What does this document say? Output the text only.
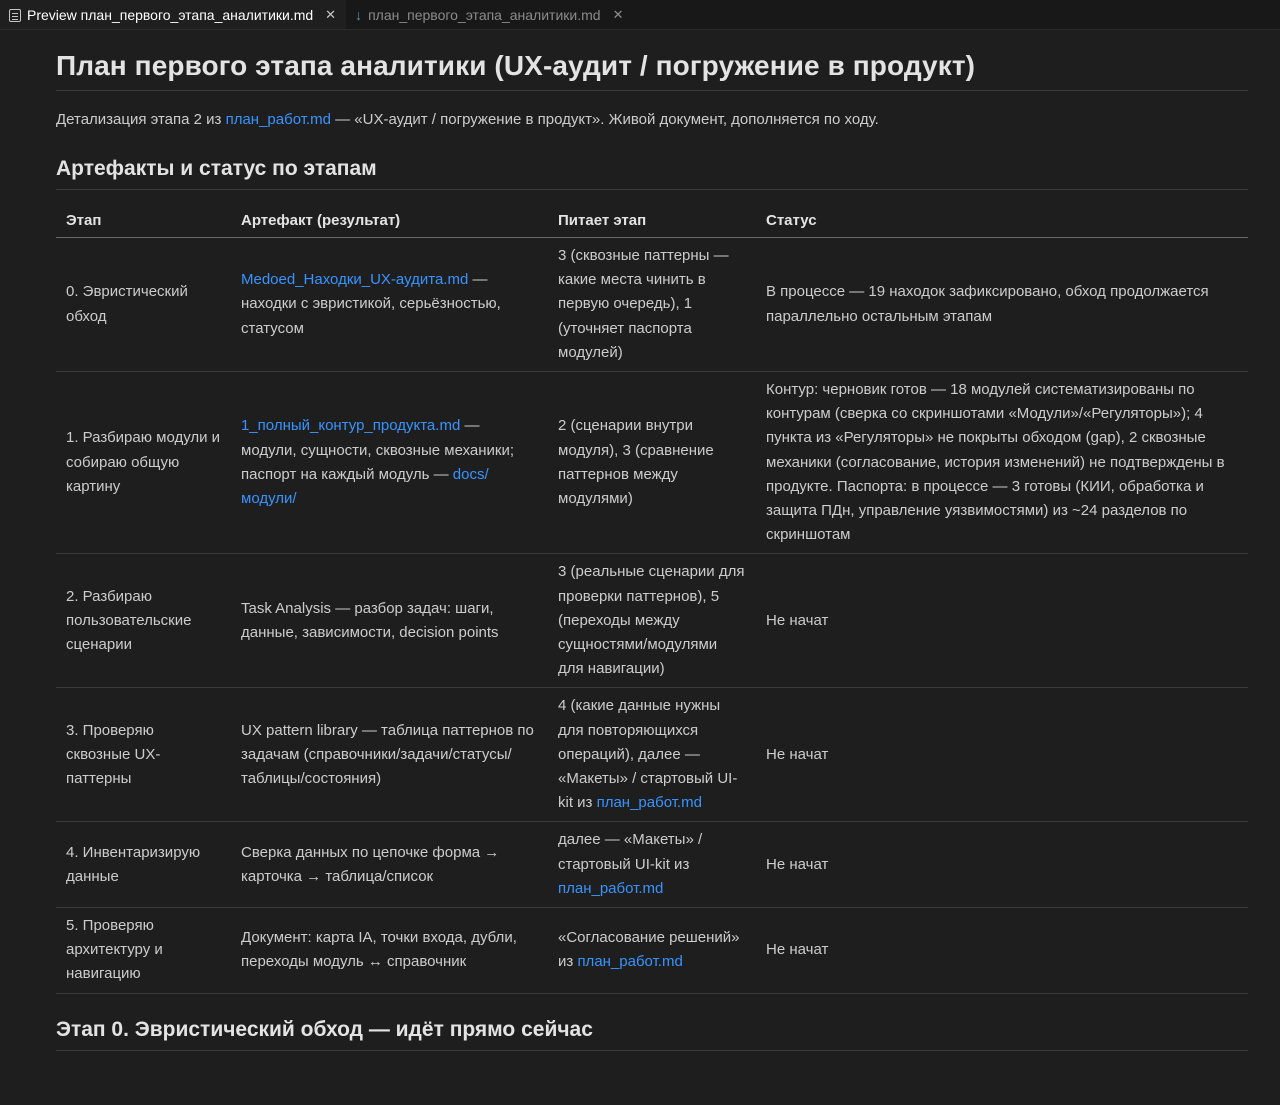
Preview план_первого_этапа_аналитики.md ✕ ↓ план_первого_этапа_аналитики.md ✕
План первого этапа аналитики (UX-аудит / погружение в продукт)

Детализация этапа 2 из план_работ.md — «UX-аудит / погружение в продукт». Живой документ, дополняется по ходу.

Артефакты и статус по этапам
Этап	Артефакт (результат)	Питает этап	Статус
0. Эвристический обход	Medoed_Находки_UX-аудита.md — находки с эвристикой, серьёзностью, статусом	3 (сквозные паттерны — какие места чинить в первую очередь), 1 (уточняет паспорта модулей)	В процессе — 19 находок зафиксировано, обход продолжается параллельно остальным этапам
1. Разбираю модули и собираю общую картину	1_полный_контур_продукта.md — модули, сущности, сквозные механики; паспорт на каждый модуль — docs/модули/	2 (сценарии внутри модуля), 3 (сравнение паттернов между модулями)	Контур: черновик готов — 18 модулей систематизированы по контурам (сверка со скриншотами «Модули»/«Регуляторы»); 4 пункта из «Регуляторы» не покрыты обходом (gap), 2 сквозные механики (согласование, история изменений) не подтверждены в продукте. Паспорта: в процессе — 3 готовы (КИИ, обработка и защита ПДн, управление уязвимостями) из ~24 разделов по скриншотам
2. Разбираю пользовательские сценарии	Task Analysis — разбор задач: шаги, данные, зависимости, decision points	3 (реальные сценарии для проверки паттернов), 5 (переходы между сущностями/модулями для навигации)	Не начат
3. Проверяю сквозные UX-паттерны	UX pattern library — таблица паттернов по задачам (справочники/задачи/статусы/таблицы/состояния)	4 (какие данные нужны для повторяющихся операций), далее — «Макеты» / стартовый UI-kit из план_работ.md	Не начат
4. Инвентаризирую данные	Сверка данных по цепочке форма → карточка → таблица/список	далее — «Макеты» / стартовый UI-kit из план_работ.md	Не начат
5. Проверяю архитектуру и навигацию	Документ: карта IA, точки входа, дубли, переходы модуль ↔ справочник	«Согласование решений» из план_работ.md	Не начат
Этап 0. Эвристический обход — идёт прямо сейчас
